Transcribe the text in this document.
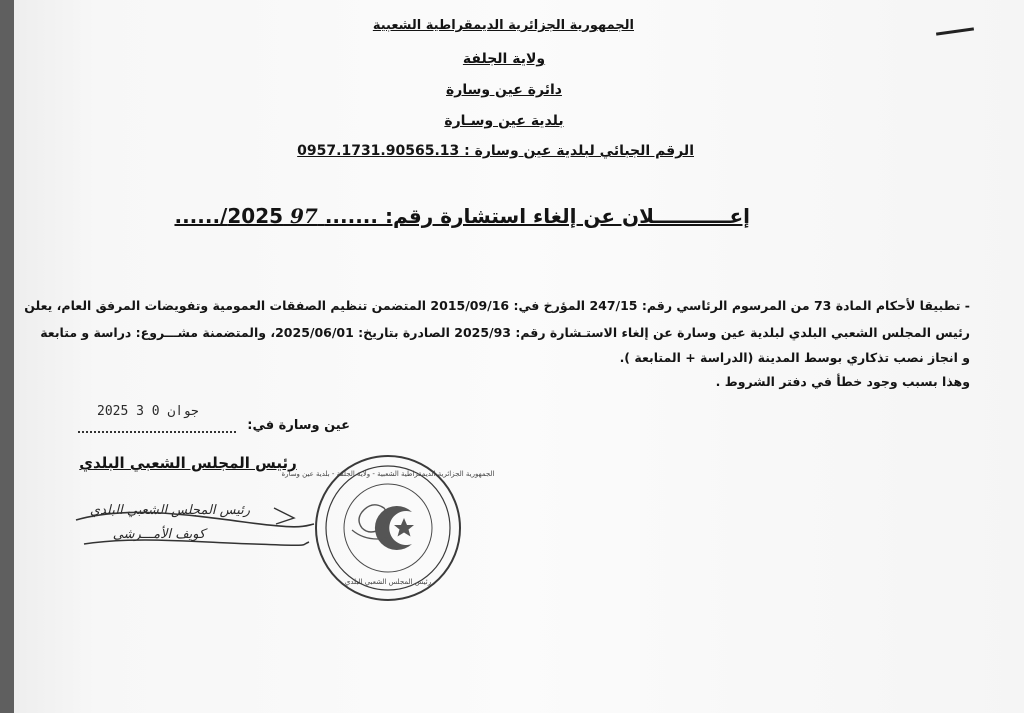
الجمهورية الجزائرية الديمقراطية الشعبية
ولاية الجلفة
دائرة عين وسارة
بلدية عين وسـارة
الرقم الجبائي لبلدية عين وسارة : 0957.1731.90565.13
إعـــــــــــلان عن إلغاء استشارة رقم: ....... 97 2025/......
- تطبيقا لأحكام المادة 73 من المرسوم الرئاسي رقم: 247/15 المؤرخ في: 2015/09/16 المتضمن تنظيم الصفقات العمومية وتفويضات المرفق العام، يعلن
رئيس المجلس الشعبي البلدي لبلدية عين وسارة عن إلغاء الاستـشارة رقم: 2025/93 الصادرة بتاريخ: 2025/06/01، والمتضمنة مشـــروع: دراسة و متابعة
و انجاز نصب تذكاري بوسط المدينة (الدراسة + المتابعة ).
وهذا بسبب وجود خطأ في دفتر الشروط .
2025 جوان 0 3
عين وسارة في:
رئيس المجلس الشعبي البلدي
رئيس المجلس الشعبي البلدي
كويف الأمـــرشي
الجمهورية الجزائرية الديمقراطية الشعبية - ولاية الجلفة - بلدية عين وسارة
رئيس المجلس الشعبي البلدي
